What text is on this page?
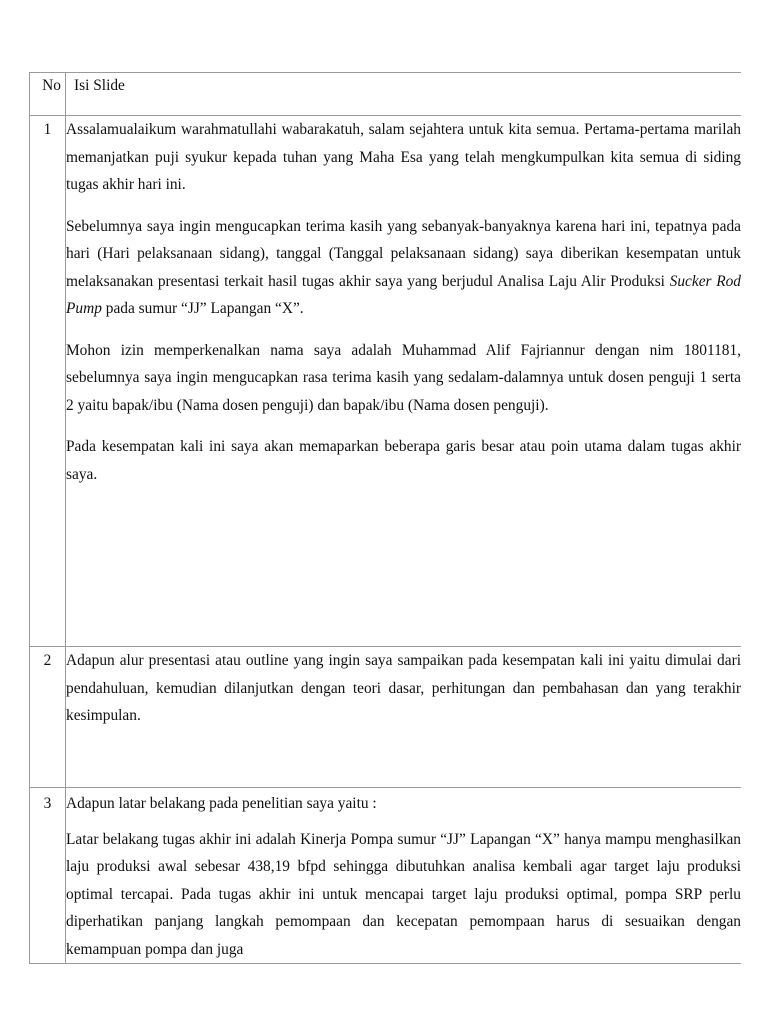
No	Isi Slide
1	Assalamualaikum warahmatullahi wabarakatuh, salam sejahtera untuk kita semua. Pertama-pertama marilah memanjatkan puji syukur kepada tuhan yang Maha Esa yang telah mengkumpulkan kita semua di siding tugas akhir hari ini.

Sebelumnya saya ingin mengucapkan terima kasih yang sebanyak-banyaknya karena hari ini, tepatnya pada hari (Hari pelaksanaan sidang), tanggal (Tanggal pelaksanaan sidang) saya diberikan kesempatan untuk melaksanakan presentasi terkait hasil tugas akhir saya yang berjudul Analisa Laju Alir Produksi Sucker Rod Pump pada sumur “JJ” Lapangan “X”.

Mohon izin memperkenalkan nama saya adalah Muhammad Alif Fajriannur dengan nim 1801181, sebelumnya saya ingin mengucapkan rasa terima kasih yang sedalam-dalamnya untuk dosen penguji 1 serta 2 yaitu bapak/ibu (Nama dosen penguji) dan bapak/ibu (Nama dosen penguji).

Pada kesempatan kali ini saya akan memaparkan beberapa garis besar atau poin utama dalam tugas akhir saya.

2	Adapun alur presentasi atau outline yang ingin saya sampaikan pada kesempatan kali ini yaitu dimulai dari pendahuluan, kemudian dilanjutkan dengan teori dasar, perhitungan dan pembahasan dan yang terakhir kesimpulan.

3	Adapun latar belakang pada penelitian saya yaitu :

Latar belakang tugas akhir ini adalah Kinerja Pompa sumur “JJ” Lapangan “X” hanya mampu menghasilkan laju produksi awal sebesar 438,19 bfpd sehingga dibutuhkan analisa kembali agar target laju produksi optimal tercapai. Pada tugas akhir ini untuk mencapai target laju produksi optimal, pompa SRP perlu diperhatikan panjang langkah pemompaan dan kecepatan pemompaan harus di sesuaikan dengan kemampuan pompa dan juga
